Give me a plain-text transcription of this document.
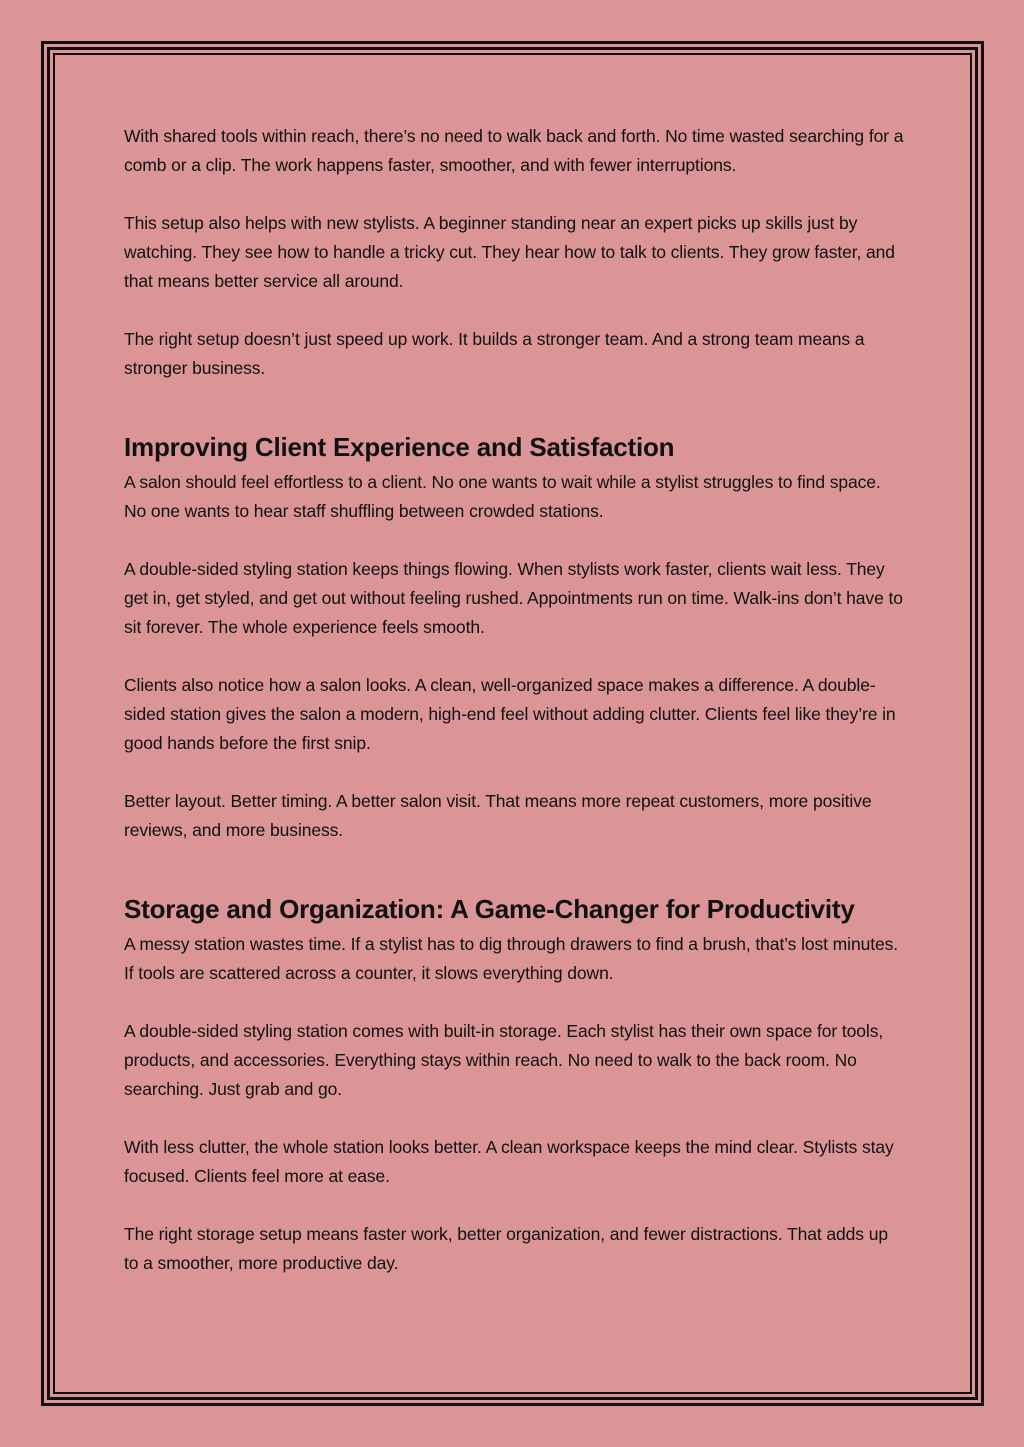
With shared tools within reach, there’s no need to walk back and forth. No time wasted searching for a comb or a clip. The work happens faster, smoother, and with fewer interruptions.

This setup also helps with new stylists. A beginner standing near an expert picks up skills just by watching. They see how to handle a tricky cut. They hear how to talk to clients. They grow faster, and that means better service all around.

The right setup doesn’t just speed up work. It builds a stronger team. And a strong team means a stronger business.

Improving Client Experience and Satisfaction

A salon should feel effortless to a client. No one wants to wait while a stylist struggles to find space. No one wants to hear staff shuffling between crowded stations.

A double-sided styling station keeps things flowing. When stylists work faster, clients wait less. They get in, get styled, and get out without feeling rushed. Appointments run on time. Walk-ins don’t have to sit forever. The whole experience feels smooth.

Clients also notice how a salon looks. A clean, well-organized space makes a difference. A double-sided station gives the salon a modern, high-end feel without adding clutter. Clients feel like they’re in good hands before the first snip.

Better layout. Better timing. A better salon visit. That means more repeat customers, more positive reviews, and more business.

Storage and Organization: A Game-Changer for Productivity

A messy station wastes time. If a stylist has to dig through drawers to find a brush, that’s lost minutes. If tools are scattered across a counter, it slows everything down.

A double-sided styling station comes with built-in storage. Each stylist has their own space for tools, products, and accessories. Everything stays within reach. No need to walk to the back room. No searching. Just grab and go.

With less clutter, the whole station looks better. A clean workspace keeps the mind clear. Stylists stay focused. Clients feel more at ease.

The right storage setup means faster work, better organization, and fewer distractions. That adds up to a smoother, more productive day.
